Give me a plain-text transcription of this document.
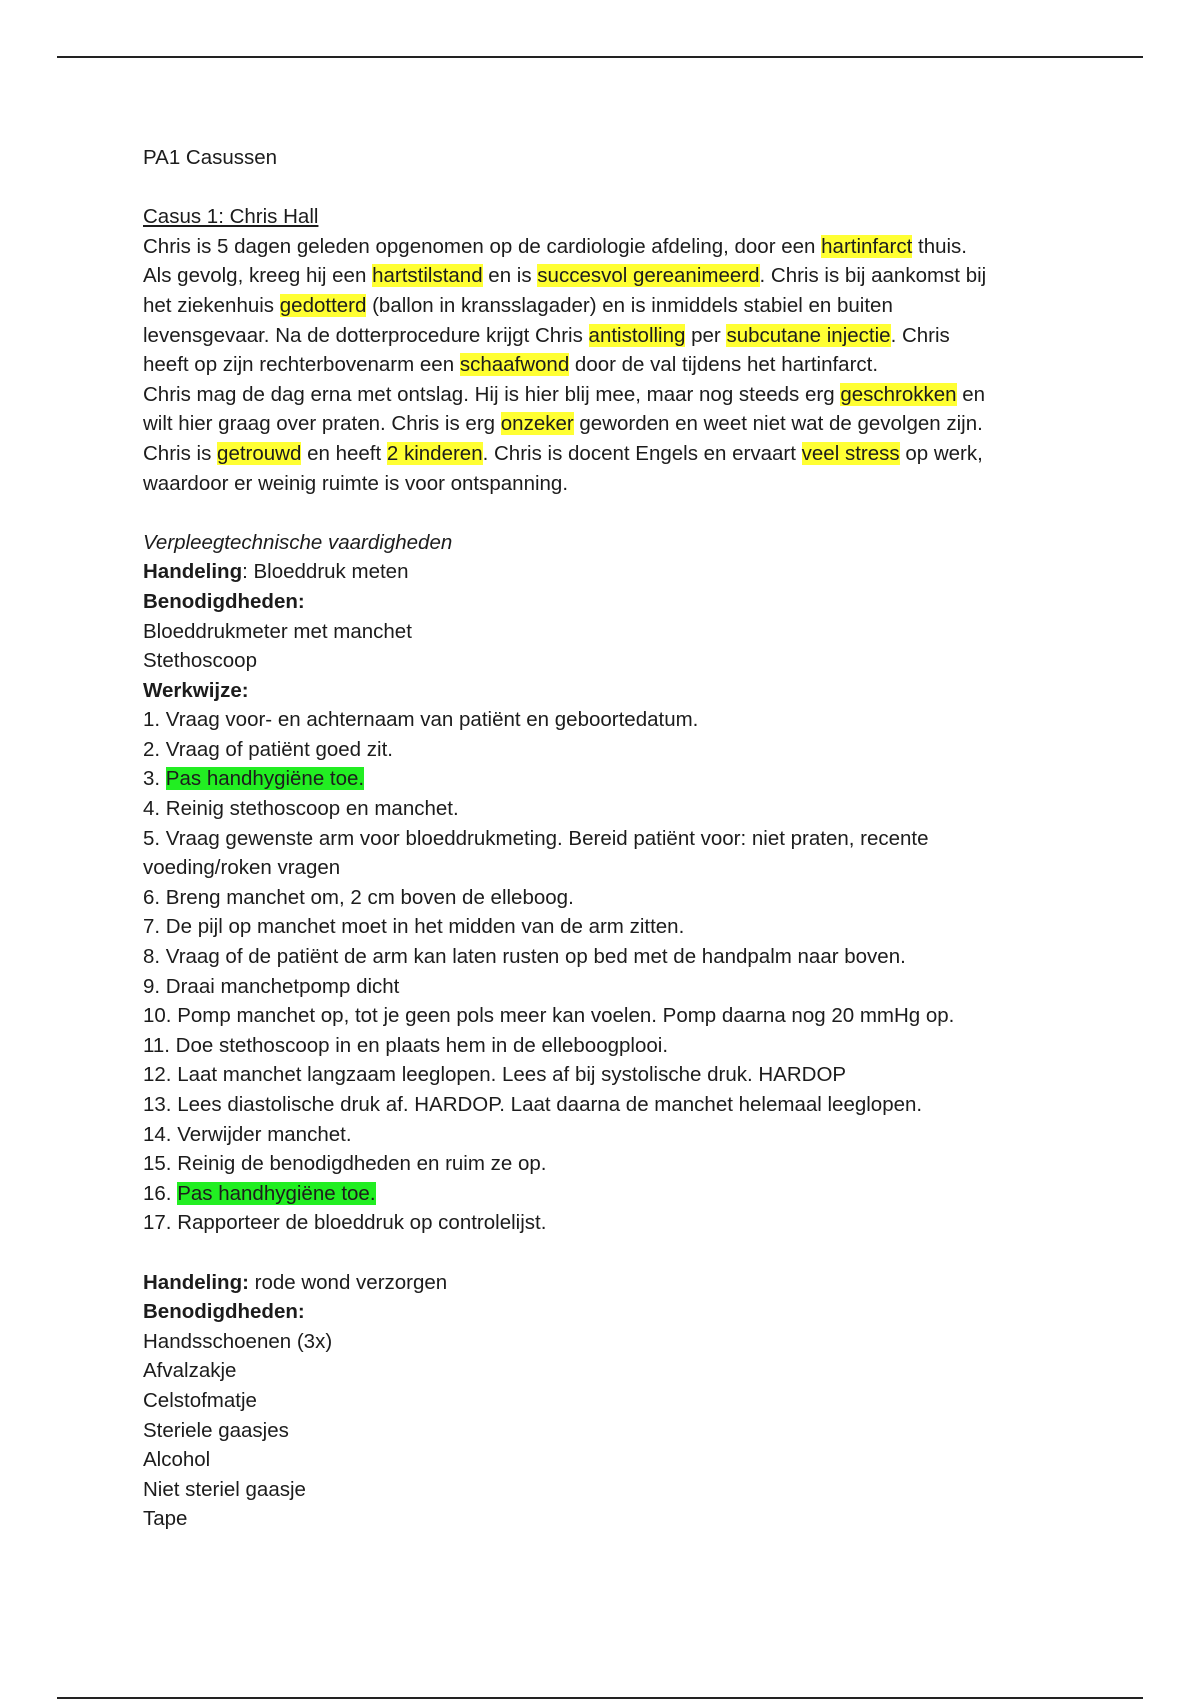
PA1 Casussen
Casus 1: Chris Hall
Chris is 5 dagen geleden opgenomen op de cardiologie afdeling, door een hartinfarct thuis.
Als gevolg, kreeg hij een hartstilstand en is succesvol gereanimeerd. Chris is bij aankomst bij
het ziekenhuis gedotterd (ballon in kransslagader) en is inmiddels stabiel en buiten
levensgevaar. Na de dotterprocedure krijgt Chris antistolling per subcutane injectie. Chris
heeft op zijn rechterbovenarm een schaafwond door de val tijdens het hartinfarct.
Chris mag de dag erna met ontslag. Hij is hier blij mee, maar nog steeds erg geschrokken en
wilt hier graag over praten. Chris is erg onzeker geworden en weet niet wat de gevolgen zijn.
Chris is getrouwd en heeft 2 kinderen. Chris is docent Engels en ervaart veel stress op werk,
waardoor er weinig ruimte is voor ontspanning.
Verpleegtechnische vaardigheden
Handeling: Bloeddruk meten
Benodigdheden:
Bloeddrukmeter met manchet
Stethoscoop
Werkwijze:
1. Vraag voor- en achternaam van patiënt en geboortedatum.
2. Vraag of patiënt goed zit.
3. Pas handhygiëne toe.
4. Reinig stethoscoop en manchet.
5. Vraag gewenste arm voor bloeddrukmeting. Bereid patiënt voor: niet praten, recente
voeding/roken vragen
6. Breng manchet om, 2 cm boven de elleboog.
7. De pijl op manchet moet in het midden van de arm zitten.
8. Vraag of de patiënt de arm kan laten rusten op bed met de handpalm naar boven.
9. Draai manchetpomp dicht
10. Pomp manchet op, tot je geen pols meer kan voelen. Pomp daarna nog 20 mmHg op.
11. Doe stethoscoop in en plaats hem in de elleboogplooi.
12. Laat manchet langzaam leeglopen. Lees af bij systolische druk. HARDOP
13. Lees diastolische druk af. HARDOP. Laat daarna de manchet helemaal leeglopen.
14. Verwijder manchet.
15. Reinig de benodigdheden en ruim ze op.
16. Pas handhygiëne toe.
17. Rapporteer de bloeddruk op controlelijst.
Handeling: rode wond verzorgen
Benodigdheden:
Handsschoenen (3x)
Afvalzakje
Celstofmatje
Steriele gaasjes
Alcohol
Niet steriel gaasje
Tape
